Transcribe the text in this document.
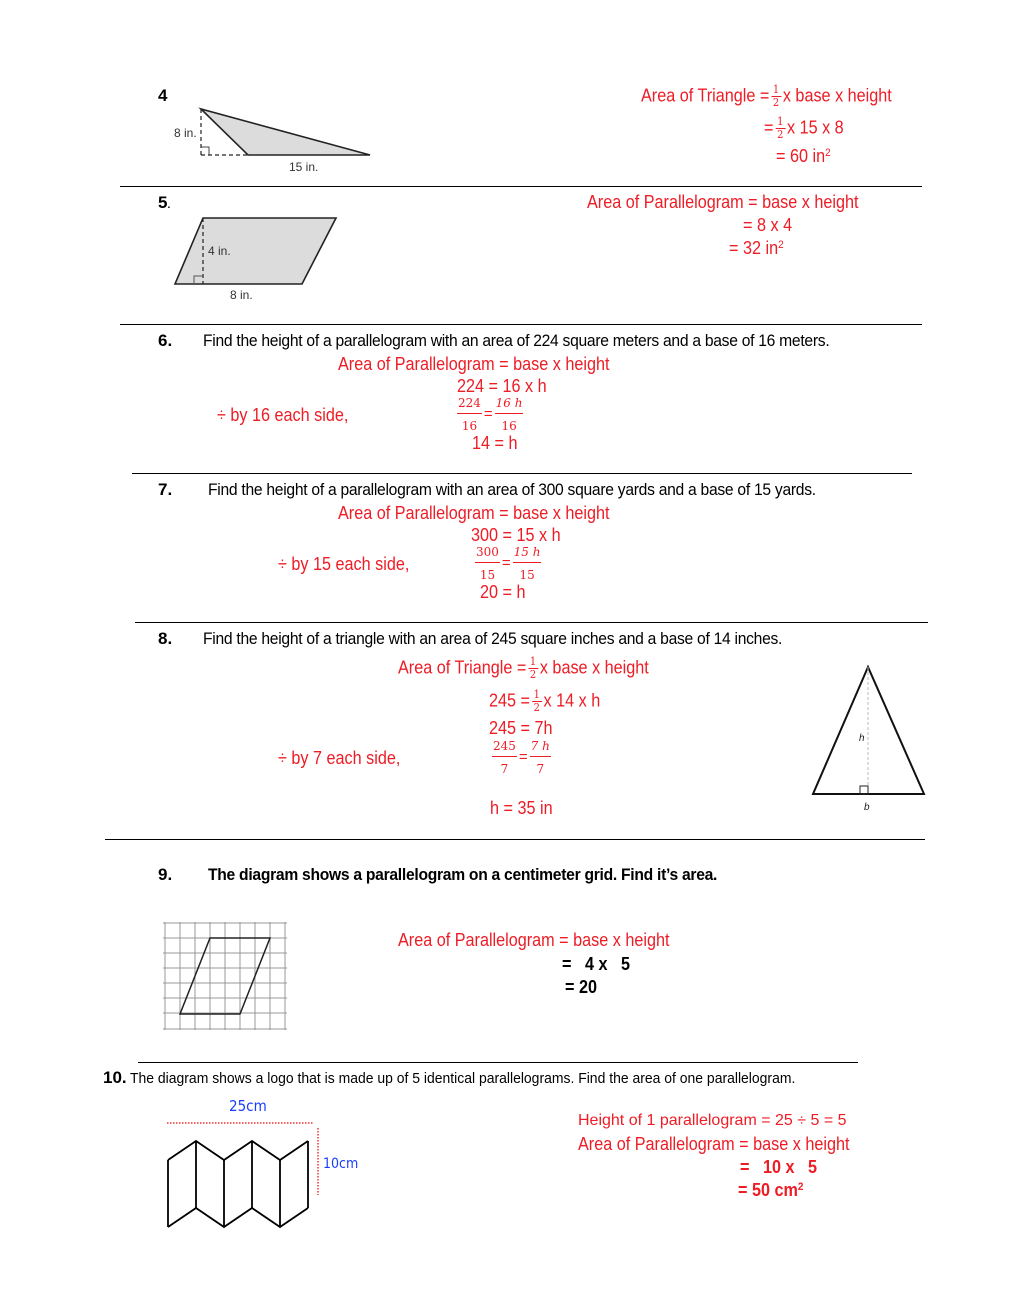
4
8 in.
15 in.
Area of Triangle = $\frac{1}{2}$ x base x height
= $\frac{1}{2}$ x 15 x 8
= 60 $in^2$
5.
4 in.
8 in.
Area of Parallelogram = base x height
= 8 x 4
= 32 $in^2$
6. Find the height of a parallelogram with an area of 224 square meters and a base of 16 meters.
Area of Parallelogram = base x height
224 = 16 x h
÷ by 16 each side,	$\frac{224}{16} = \frac{16 h}{16}$
14 = h
7. Find the height of a parallelogram with an area of 300 square yards and a base of 15 yards.
Area of Parallelogram = base x height
300 = 15 x h
÷ by 15 each side,	$\frac{300}{15} = \frac{15 h}{15}$
20 = h
8. Find the height of a triangle with an area of 245 square inches and a base of 14 inches.
Area of Triangle = $\frac{1}{2}$ x base x height
$245 = \frac{1}{2}$ x 14 x h
245 = 7h
÷ by 7 each side,	$\frac{245}{7} = \frac{7 h}{7}$
h = 35 in
h
b
9. The diagram shows a parallelogram on a centimeter grid. Find it’s area.
Area of Parallelogram = base x height
=   4 x   5
= 20
10. The diagram shows a logo that is made up of 5 identical parallelograms. Find the area of one parallelogram.
25cm
10cm
Height of 1 parallelogram = 25 ÷ 5 = 5
Area of Parallelogram = base x height
=   10 x   5
= 50 $cm^2$
